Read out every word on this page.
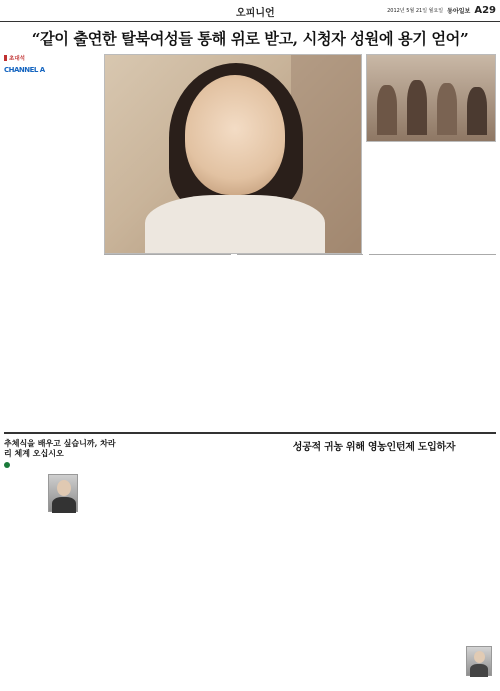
오피니언	2012년 5월 21일 월요일 동아일보 A29
“같이 출연한 탈북여성들 통해 위로 받고, 시청자 성원에 용기 얻어”
초대석
CHANNEL A
추체식을 배우고 싶습니까, 차라리 체계 오십시오	성공적 귀농 위해 영농인턴제 도입하자
